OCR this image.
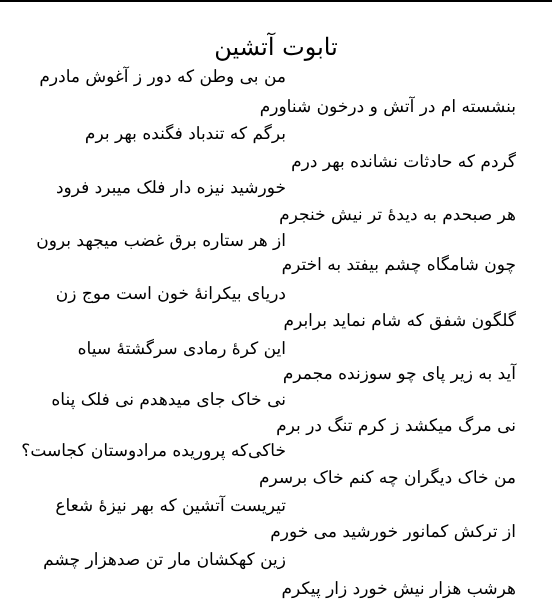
تابوت آتشین
من بی وطن که دور ز آغوش مادرم
بنشسته ام در آتش و درخون شناورم
برگم که تندباد فگنده بهر برم
گردم که حادثات نشانده بهر درم
خورشید نیزه دار فلک میبرد فرود
هر صبحدم به دیدهٔ تر نیش خنجرم
از هر ستاره برق غضب میجهد برون
چون شامگاه چشم بیفتد به اخترم
دریای بیکرانهٔ خون است موج زن
گلگون شفق که شام نماید برابرم
این کرهٔ رمادی سرگشتهٔ سیاه
آید به زیر پای چو سوزنده مجمرم
نی خاک جای میدهدم نی فلک پناه
نی مرگ میکشد ز کرم تنگ در برم
خاکی‌که پروریده مرادوستان کجاست؟
من خاک دیگران چه کنم خاک برسرم
تیریست آتشین که بهر نیزهٔ شعاع
از ترکش کمانور خورشید می خورم
زین کهکشان مار تن صدهزار چشم
هرشب هزار نیش خورد زار پیکرم
